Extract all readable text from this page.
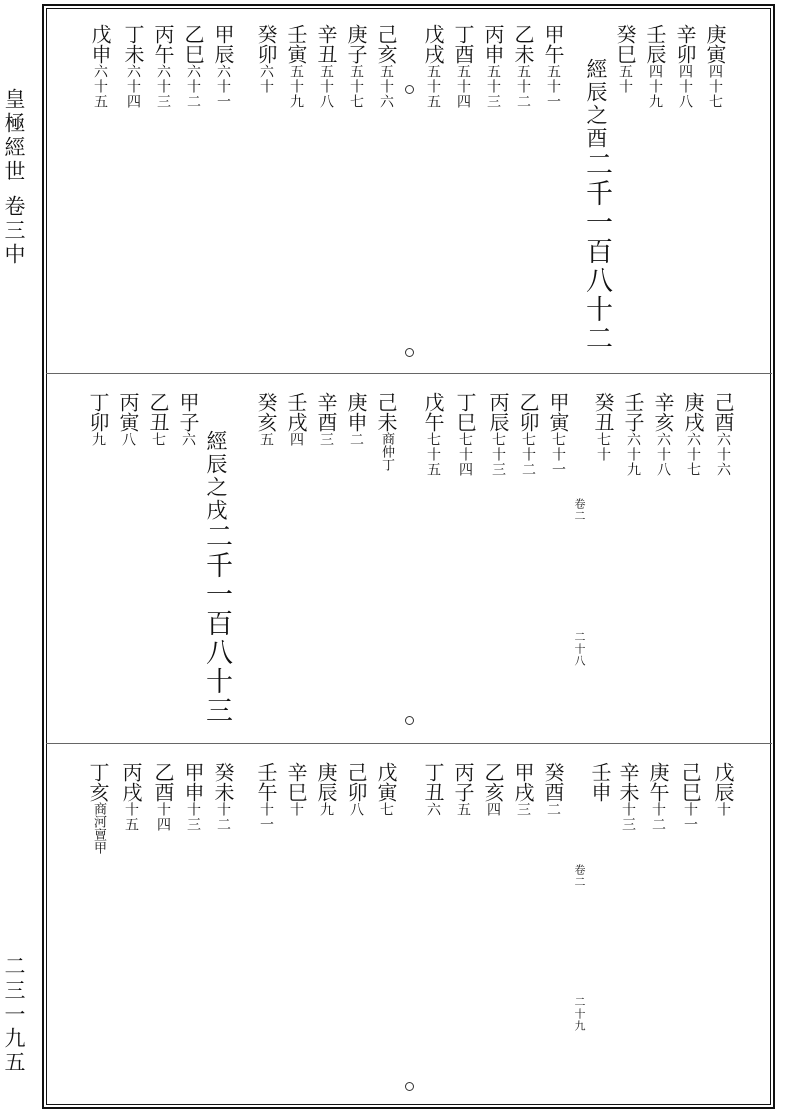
皇極經世
卷三中
二三一九五
庚寅四十七
辛卯四十八
壬辰四十九
癸巳五十
經辰之酉二千一百八十二
甲午五十一
乙未五十二
丙申五十三
丁酉五十四
戊戌五十五
己亥五十六
庚子五十七
辛丑五十八
壬寅五十九
癸卯六十
甲辰六十一
乙巳六十二
丙午六十三
丁未六十四
戊申六十五
己酉六十六
庚戌六十七
辛亥六十八
壬子六十九
癸丑七十
甲寅七十一
乙卯七十二
丙辰七十三
丁巳七十四
戊午七十五
己未商仲丁
庚申二
辛酉三
壬戌四
癸亥五
經辰之戌二千一百八十三
甲子六
乙丑七
丙寅八
丁卯九
卷二
二十八
戊辰十
己巳十一
庚午十二
辛未十三
壬申
癸酉二
甲戌三
乙亥四
丙子五
丁丑六
戊寅七
己卯八
庚辰九
辛巳十
壬午十一
癸未十二
甲申十三
乙酉十四
丙戌十五
丁亥商河亶甲
卷二
二十九
